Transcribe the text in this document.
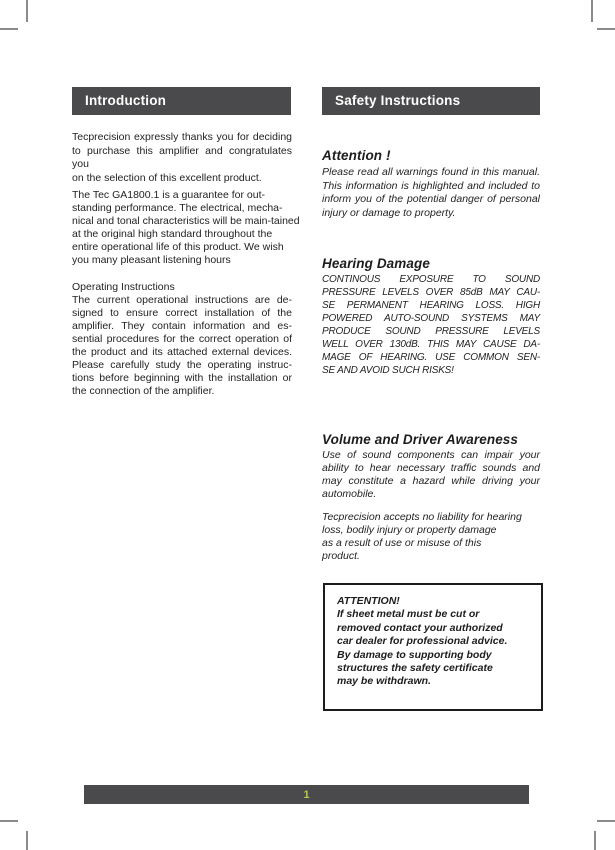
Introduction
Tecprecision expressly thanks you for deciding
to purchase this amplifier and congratulates you
on the selection of this excellent product.
The Tec GA1800.1 is a guarantee for out-
standing performance. The electrical, mecha-
nical and tonal characteristics will be main-tained
at the original high standard throughout the
entire operational life of this product. We wish
you many pleasant listening hours
Operating Instructions
The current operational instructions are de-
signed to ensure correct installation of the
amplifier. They contain information and es-
sential procedures for the correct operation of
the product and its attached external devices.
Please carefully study the operating instruc-
tions before beginning with the installation or
the connection of the amplifier.
Safety Instructions
Attention !
Please read all warnings found in this manual.
This information is highlighted and included to
inform you of the potential danger of personal
injury or damage to property.
Hearing Damage
CONTINOUS EXPOSURE TO SOUND
PRESSURE LEVELS OVER 85dB MAY CAU-
SE PERMANENT HEARING LOSS. HIGH
POWERED AUTO-SOUND SYSTEMS MAY
PRODUCE SOUND PRESSURE LEVELS
WELL OVER 130dB. THIS MAY CAUSE DA-
MAGE OF HEARING. USE COMMON SEN-
SE AND AVOID SUCH RISKS!
Volume and Driver Awareness
Use of sound components can impair your
ability to hear necessary traffic sounds and
may constitute a hazard while driving your
automobile.
Tecprecision accepts no liability for hearing
loss, bodily injury or property damage
as a result of use or misuse of this
product.
ATTENTION!
If sheet metal must be cut or
removed contact your authorized
car dealer for professional advice.
By damage to supporting body
structures the safety certificate
may be withdrawn.
1
